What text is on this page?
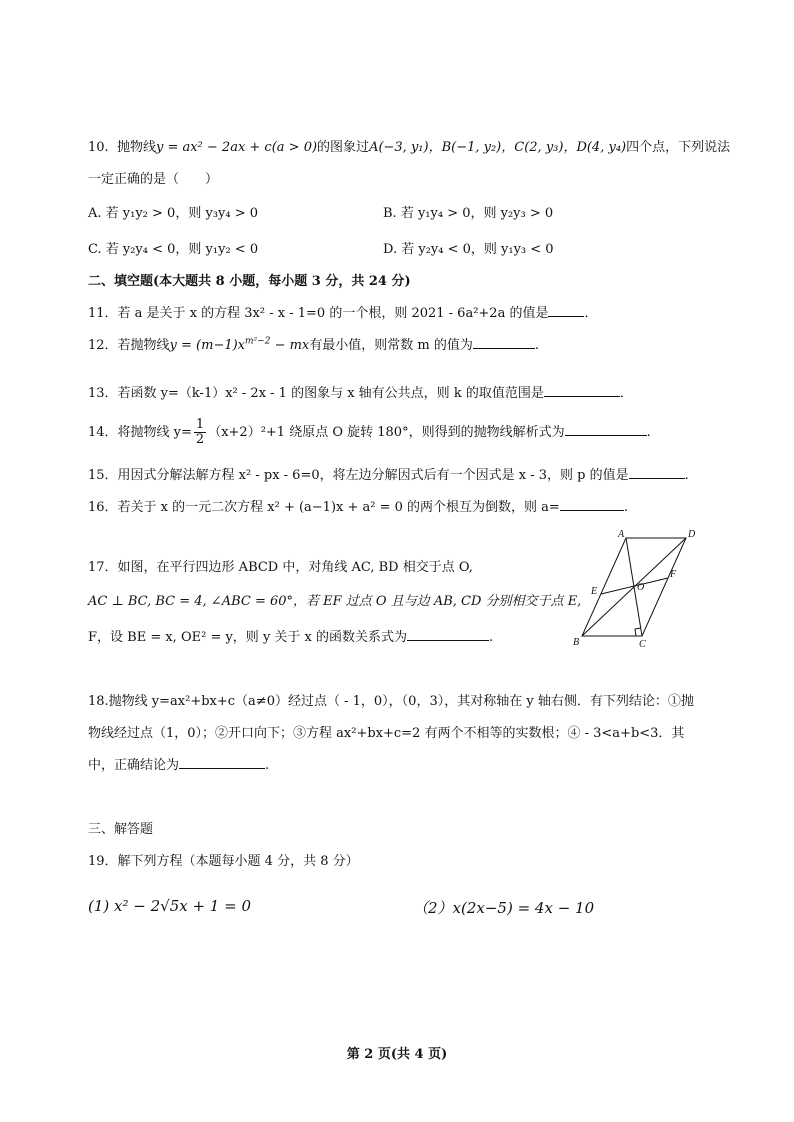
10. 抛物线y = ax² − 2ax + c(a > 0)的图象过A(−3, y₁)，B(−1, y₂)，C(2, y₃)，D(4, y₄)四个点，下列说法
一定正确的是（　　）
A. 若 y₁y₂ > 0，则 y₃y₄ > 0	B. 若 y₁y₄ > 0，则 y₂y₃ > 0
C. 若 y₂y₄ < 0，则 y₁y₂ < 0	D. 若 y₂y₄ < 0，则 y₁y₃ < 0
二、填空题(本大题共 8 小题，每小题 3 分，共 24 分)
11．若 a 是关于 x 的方程 3x² - x - 1=0 的一个根，则 2021 - 6a²+2a 的值是	．
12．若抛物线$y = (m-1)x^{m^2-2}$ − mx有最小值，则常数 m 的值为	.
13．若函数 y=（k-1）x² - 2x - 1 的图象与 x 轴有公共点，则 k 的取值范围是	．
14．将抛物线 $y= \frac{1}{2} (x+2)^2+1$ 绕原点 O 旋转 180°，则得到的抛物线解析式为	.
15．用因式分解法解方程 x² - px - 6=0，将左边分解因式后有一个因式是 x - 3，则 p 的值是	.
16．若关于 x 的一元二次方程 x² + (a−1)x + a² = 0 的两个根互为倒数，则 a=	.
17．如图，在平行四边形 ABCD 中，对角线 AC, BD 相交于点 O,
AC ⊥ BC, BC = 4, ∠ABC = 60°，若 EF 过点 O 且与边 AB, CD 分别相交于点 E,
F，设 BE = x, OE² = y，则 y 关于 x 的函数关系式为	.
A	D
B	C
E
F
O
18.抛物线 y=ax²+bx+c（a≠0）经过点（ - 1，0），（0，3），其对称轴在 y 轴右侧．有下列结论：①抛
物线经过点（1，0）；②开口向下；③方程 ax²+bx+c=2 有两个不相等的实数根；④ - 3<a+b<3．其
中，正确结论为	.
三、解答题
19．解下列方程（本题每小题 4 分，共 8 分）
(1) x² − 2√5x + 1 = 0	（2）x(2x−5) = 4x − 10
第 2 页(共 4 页)
